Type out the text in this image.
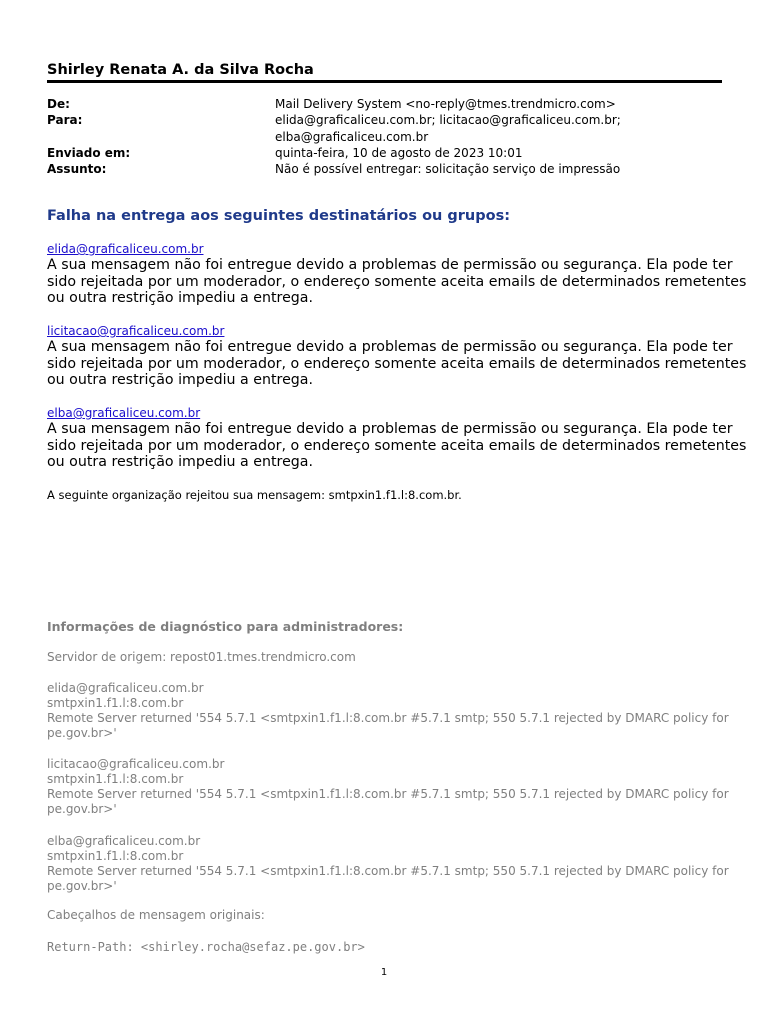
Shirley Renata A. da Silva Rocha
De:	Mail Delivery System <no-reply@tmes.trendmicro.com>
Para:	elida@graficaliceu.com.br; licitacao@graficaliceu.com.br;
elba@graficaliceu.com.br
Enviado em:	quinta-feira, 10 de agosto de 2023 10:01
Assunto:	Não é possível entregar: solicitação serviço de impressão
Falha na entrega aos seguintes destinatários ou grupos:
elida@graficaliceu.com.br

A sua mensagem não foi entregue devido a problemas de permissão ou segurança. Ela pode ter

sido rejeitada por um moderador, o endereço somente aceita emails de determinados remetentes

ou outra restrição impediu a entrega.

licitacao@graficaliceu.com.br

A sua mensagem não foi entregue devido a problemas de permissão ou segurança. Ela pode ter

sido rejeitada por um moderador, o endereço somente aceita emails de determinados remetentes

ou outra restrição impediu a entrega.

elba@graficaliceu.com.br

A sua mensagem não foi entregue devido a problemas de permissão ou segurança. Ela pode ter

sido rejeitada por um moderador, o endereço somente aceita emails de determinados remetentes

ou outra restrição impediu a entrega.

A seguinte organização rejeitou sua mensagem: smtpxin1.f1.l:8.com.br.
Informações de diagnóstico para administradores:
Servidor de origem: repost01.tmes.trendmicro.com
elida@graficaliceu.com.br
smtpxin1.f1.l:8.com.br
Remote Server returned '554 5.7.1 <smtpxin1.f1.l:8.com.br #5.7.1 smtp; 550 5.7.1 rejected by DMARC policy for
pe.gov.br>'
licitacao@graficaliceu.com.br
smtpxin1.f1.l:8.com.br
Remote Server returned '554 5.7.1 <smtpxin1.f1.l:8.com.br #5.7.1 smtp; 550 5.7.1 rejected by DMARC policy for
pe.gov.br>'
elba@graficaliceu.com.br
smtpxin1.f1.l:8.com.br
Remote Server returned '554 5.7.1 <smtpxin1.f1.l:8.com.br #5.7.1 smtp; 550 5.7.1 rejected by DMARC policy for
pe.gov.br>'
Cabeçalhos de mensagem originais:
Return-Path: <shirley.rocha@sefaz.pe.gov.br>
1
